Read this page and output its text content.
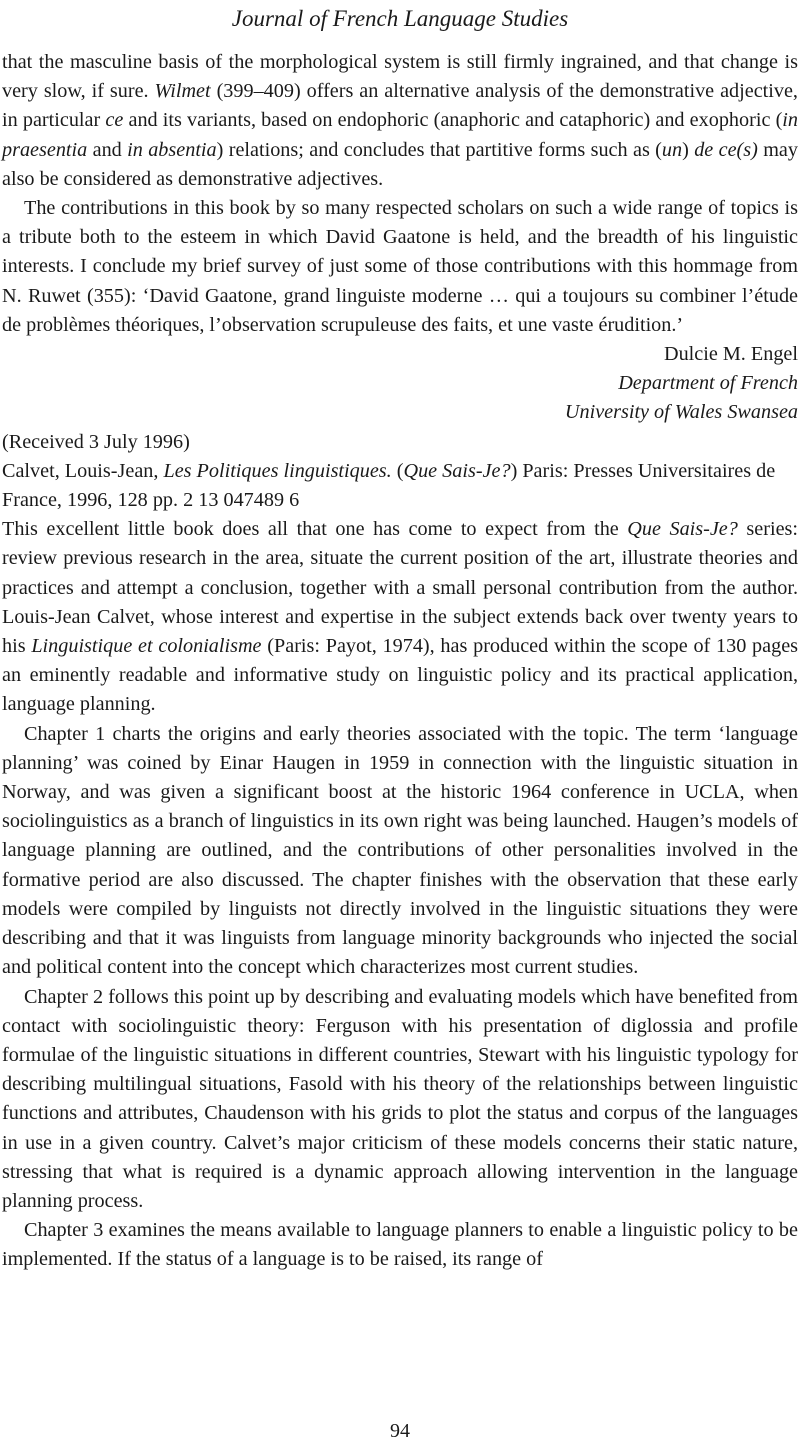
Journal of French Language Studies

that the masculine basis of the morphological system is still firmly ingrained, and that change is very slow, if sure. Wilmet (399–409) offers an alternative analysis of the demonstrative adjective, in particular ce and its variants, based on endophoric (anaphoric and cataphoric) and exophoric (in praesentia and in absentia) relations; and concludes that partitive forms such as (un) de ce(s) may also be considered as demonstrative adjectives.

The contributions in this book by so many respected scholars on such a wide range of topics is a tribute both to the esteem in which David Gaatone is held, and the breadth of his linguistic interests. I conclude my brief survey of just some of those contributions with this hommage from N. Ruwet (355): ‘David Gaatone, grand linguiste moderne … qui a toujours su combiner l’étude de problèmes théoriques, l’observation scrupuleuse des faits, et une vaste érudition.’

Dulcie M. Engel
Department of French
University of Wales Swansea

(Received 3 July 1996)

Calvet, Louis-Jean, Les Politiques linguistiques. (Que Sais-Je?) Paris: Presses Universitaires de France, 1996, 128 pp. 2 13 047489 6

This excellent little book does all that one has come to expect from the Que Sais-Je? series: review previous research in the area, situate the current position of the art, illustrate theories and practices and attempt a conclusion, together with a small personal contribution from the author. Louis-Jean Calvet, whose interest and expertise in the subject extends back over twenty years to his Linguistique et colonialisme (Paris: Payot, 1974), has produced within the scope of 130 pages an eminently readable and informative study on linguistic policy and its practical application, language planning.

Chapter 1 charts the origins and early theories associated with the topic. The term ‘language planning’ was coined by Einar Haugen in 1959 in connection with the linguistic situation in Norway, and was given a significant boost at the historic 1964 conference in UCLA, when sociolinguistics as a branch of linguistics in its own right was being launched. Haugen’s models of language planning are outlined, and the contributions of other personalities involved in the formative period are also discussed. The chapter finishes with the observation that these early models were compiled by linguists not directly involved in the linguistic situations they were describing and that it was linguists from language minority backgrounds who injected the social and political content into the concept which characterizes most current studies.

Chapter 2 follows this point up by describing and evaluating models which have benefited from contact with sociolinguistic theory: Ferguson with his presentation of diglossia and profile formulae of the linguistic situations in different countries, Stewart with his linguistic typology for describing multilingual situations, Fasold with his theory of the relationships between linguistic functions and attributes, Chaudenson with his grids to plot the status and corpus of the languages in use in a given country. Calvet’s major criticism of these models concerns their static nature, stressing that what is required is a dynamic approach allowing intervention in the language planning process.

Chapter 3 examines the means available to language planners to enable a linguistic policy to be implemented. If the status of a language is to be raised, its range of

94
